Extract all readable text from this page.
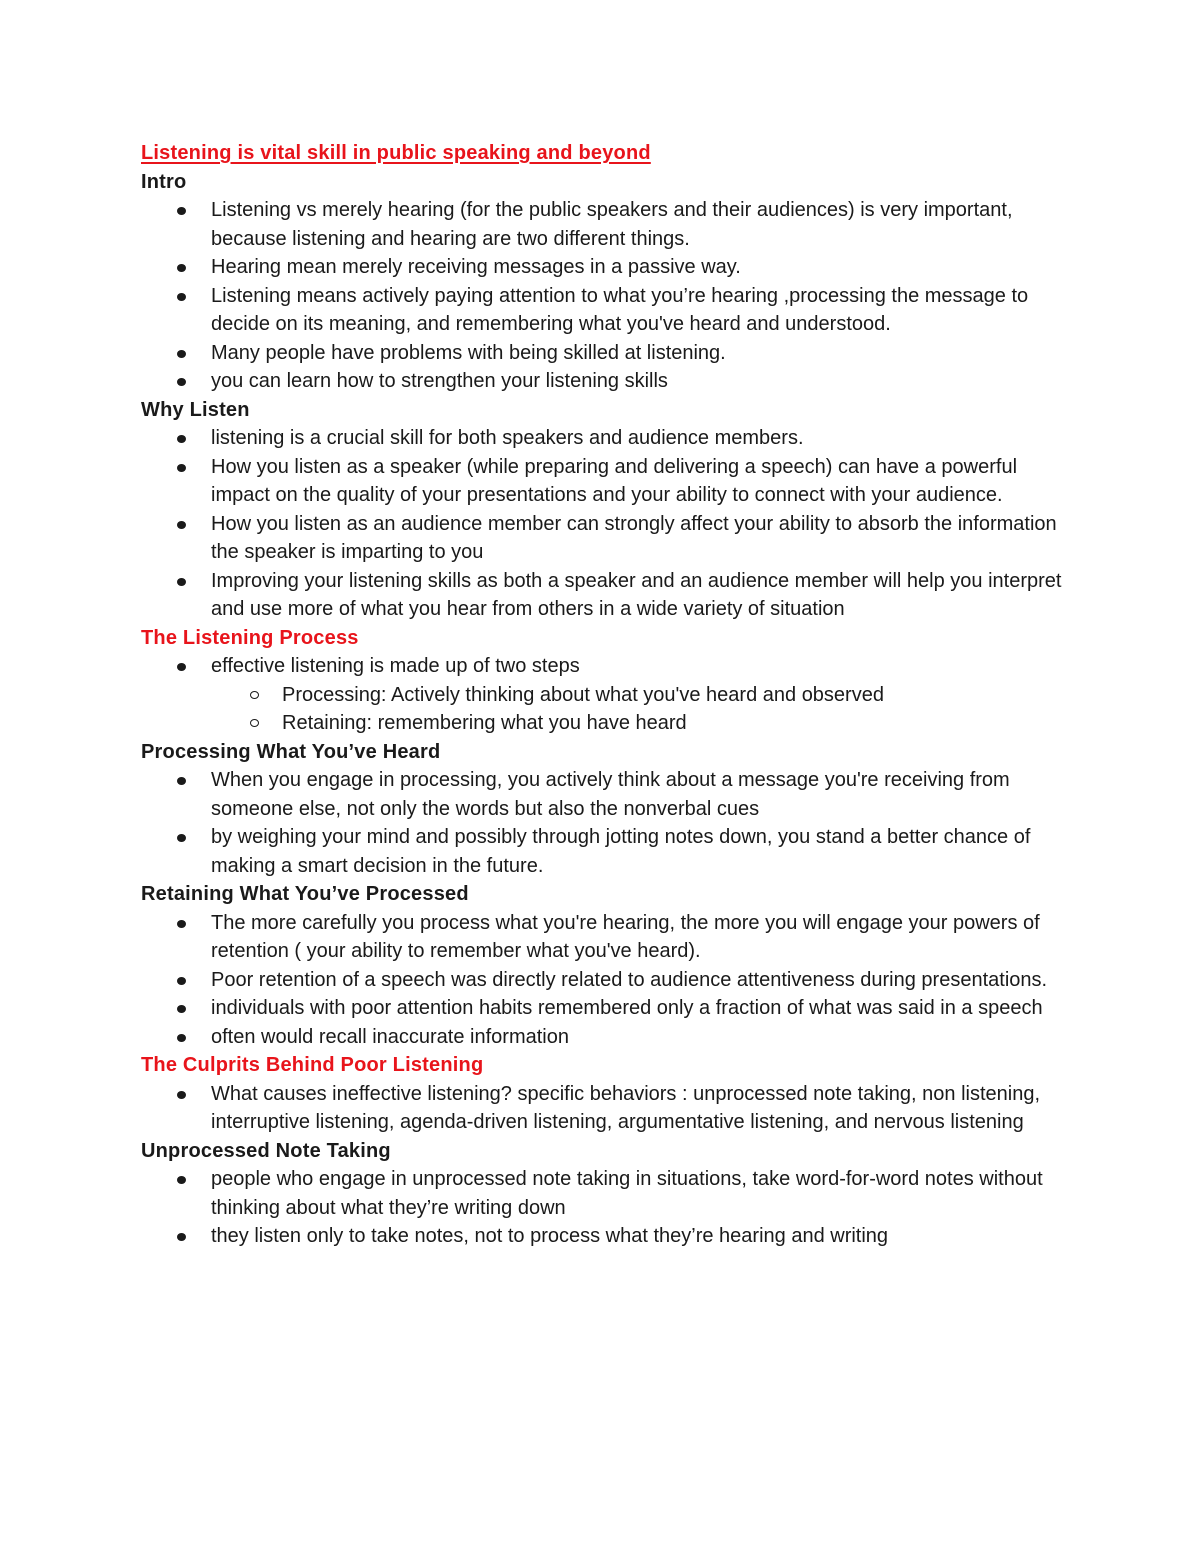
Listening is vital skill in public speaking and beyond

Intro

Listening vs merely hearing (for the public speakers and their audiences) is very important, because listening and hearing are two different things.
Hearing mean merely receiving messages in a passive way.
Listening means actively paying attention to what you’re hearing ,processing the message to decide on its meaning, and remembering what you've heard and understood.
Many people have problems with being skilled at listening.
you can learn how to strengthen your listening skills

Why Listen

listening is a crucial skill for both speakers and audience members.
How you listen as a speaker (while preparing and delivering a speech) can have a powerful impact on the quality of your presentations and your ability to connect with your audience.
How you listen as an audience member can strongly affect your ability to absorb the information the speaker is imparting to you
Improving your listening skills as both a speaker and an audience member will help you interpret and use more of what you hear from others in a wide variety of situation

The Listening Process

effective listening is made up of two steps
Processing: Actively thinking about what you've heard and observed
Retaining: remembering what you have heard

Processing What You’ve Heard

When you engage in processing, you actively think about a message you're receiving from someone else, not only the words but also the nonverbal cues
by weighing your mind and possibly through jotting notes down, you stand a better chance of making a smart decision in the future.

Retaining What You’ve Processed

The more carefully you process what you're hearing, the more you will engage your powers of retention ( your ability to remember what you've heard).
Poor retention of a speech was directly related to audience attentiveness during presentations.
individuals with poor attention habits remembered only a fraction of what was said in a speech
often would recall inaccurate information

The Culprits Behind Poor Listening

What causes ineffective listening? specific behaviors : unprocessed note taking, non listening, interruptive listening, agenda-driven listening, argumentative listening, and nervous listening

Unprocessed Note Taking

people who engage in unprocessed note taking in situations, take word-for-word notes without thinking about what they’re writing down
they listen only to take notes, not to process what they’re hearing and writing
